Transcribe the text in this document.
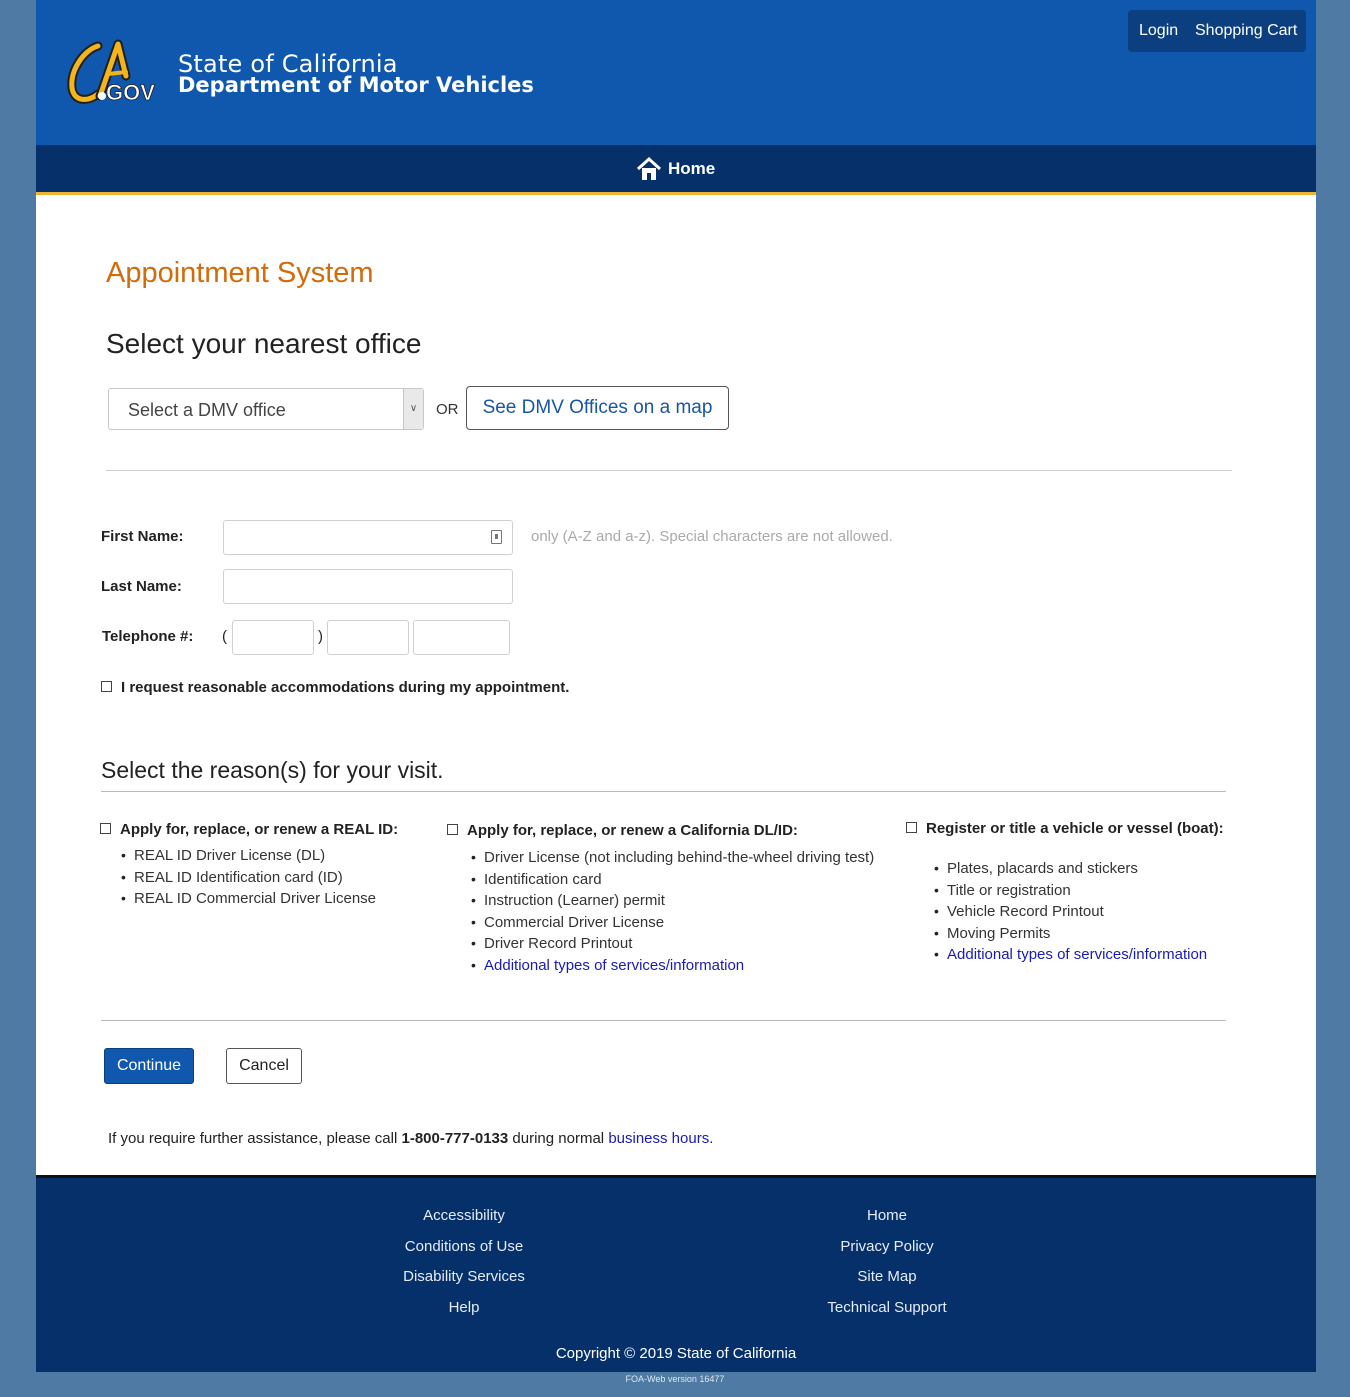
GOV
State of California
Department of Motor Vehicles
Login Shopping Cart
Home
Appointment System
Select your nearest office
Select a DMV office	∨	OR	See DMV Offices on a map
First Name:	only (A-Z and a-z). Special characters are not allowed.
Last Name:
Telephone #: (	)
I request reasonable accommodations during my appointment.
Select the reason(s) for your visit.
Apply for, replace, or renew a REAL ID:
• REAL ID Driver License (DL)
• REAL ID Identification card (ID)
• REAL ID Commercial Driver License
Apply for, replace, or renew a California DL/ID:
• Driver License (not including behind-the-wheel driving test)
• Identification card
• Instruction (Learner) permit
• Commercial Driver License
• Driver Record Printout
• Additional types of services/information
Register or title a vehicle or vessel (boat):
• Plates, placards and stickers
• Title or registration
• Vehicle Record Printout
• Moving Permits
• Additional types of services/information
Continue	Cancel
If you require further assistance, please call 1-800-777-0133 during normal business hours.
Accessibility
Conditions of Use
Disability Services
Help
Home
Privacy Policy
Site Map
Technical Support
Copyright © 2019 State of California
FOA-Web version 16477
